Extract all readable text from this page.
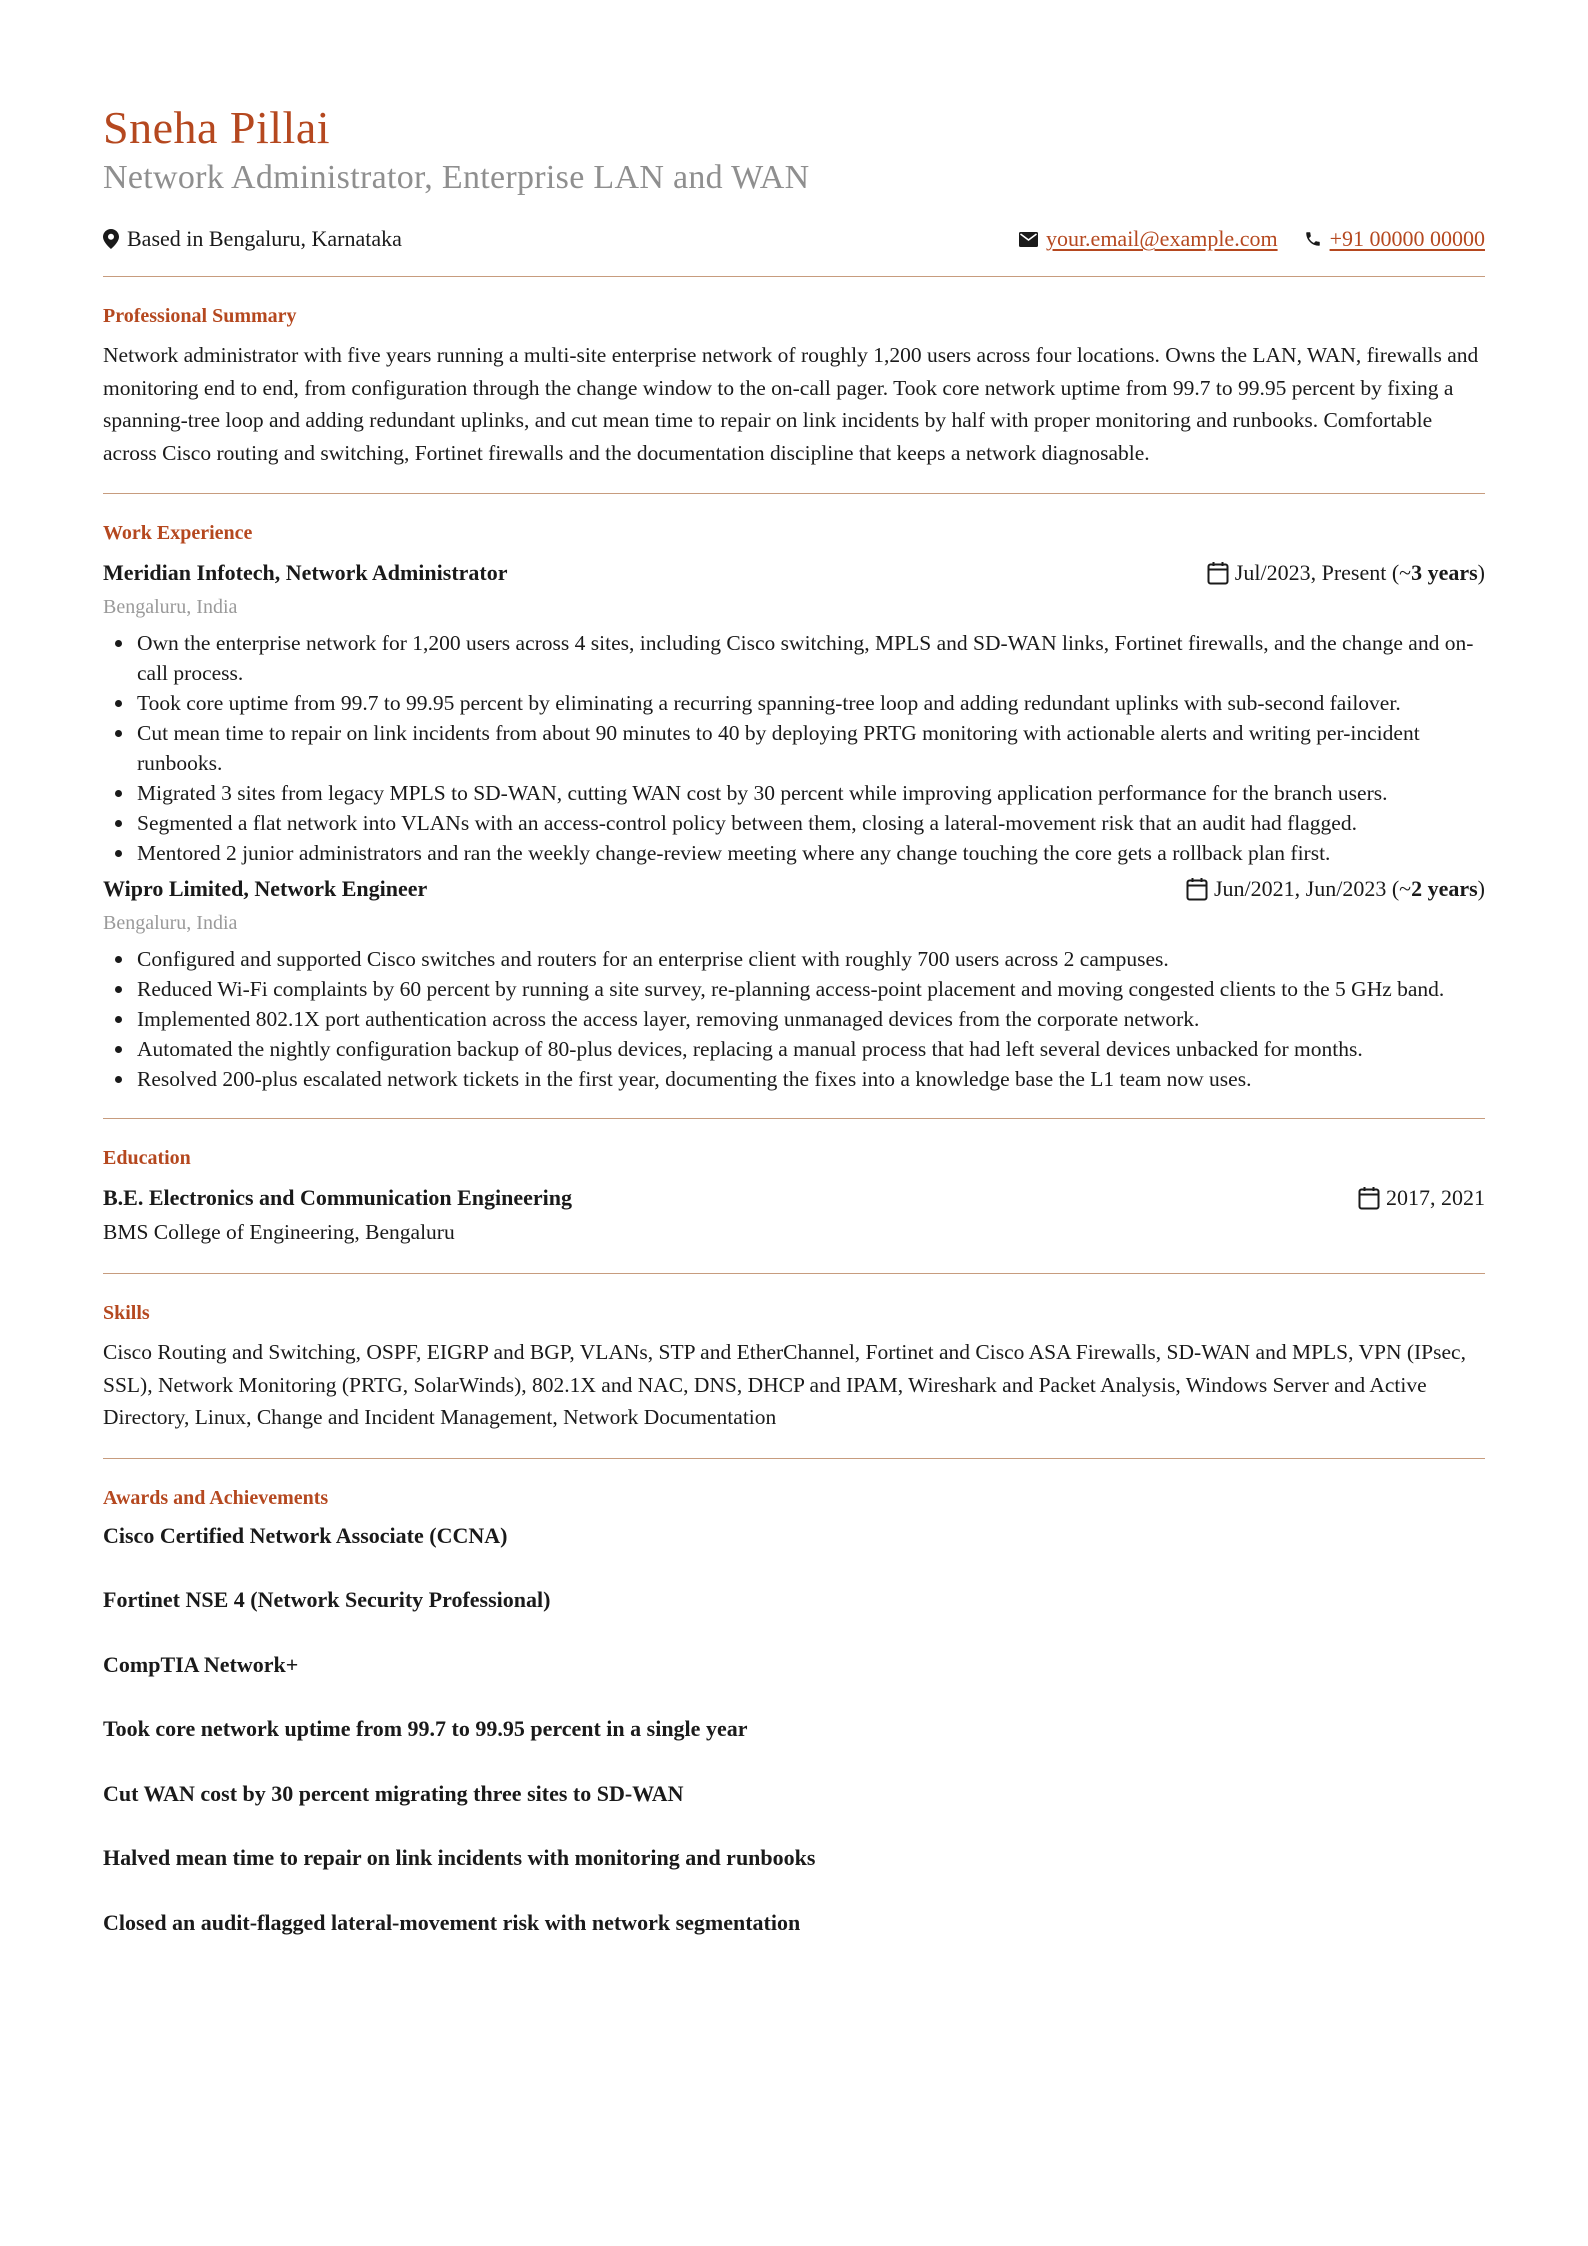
Sneha Pillai
Network Administrator, Enterprise LAN and WAN
Based in Bengaluru, Karnataka	your.email@example.com +91 00000 00000
Professional Summary
Network administrator with five years running a multi-site enterprise network of roughly 1,200 users across four locations. Owns the LAN, WAN, firewalls and monitoring end to end, from configuration through the change window to the on-call pager. Took core network uptime from 99.7 to 99.95 percent by fixing a spanning-tree loop and adding redundant uplinks, and cut mean time to repair on link incidents by half with proper monitoring and runbooks. Comfortable across Cisco routing and switching, Fortinet firewalls and the documentation discipline that keeps a network diagnosable.
Work Experience
Meridian Infotech, Network Administrator	Jul/2023, Present (~ 3 years )
Bengaluru, India
Own the enterprise network for 1,200 users across 4 sites, including Cisco switching, MPLS and SD-WAN links, Fortinet firewalls, and the change and on-call process.
Took core uptime from 99.7 to 99.95 percent by eliminating a recurring spanning-tree loop and adding redundant uplinks with sub-second failover.
Cut mean time to repair on link incidents from about 90 minutes to 40 by deploying PRTG monitoring with actionable alerts and writing per-incident runbooks.
Migrated 3 sites from legacy MPLS to SD-WAN, cutting WAN cost by 30 percent while improving application performance for the branch users.
Segmented a flat network into VLANs with an access-control policy between them, closing a lateral-movement risk that an audit had flagged.
Mentored 2 junior administrators and ran the weekly change-review meeting where any change touching the core gets a rollback plan first.
Wipro Limited, Network Engineer	Jun/2021, Jun/2023 (~ 2 years )
Bengaluru, India
Configured and supported Cisco switches and routers for an enterprise client with roughly 700 users across 2 campuses.
Reduced Wi-Fi complaints by 60 percent by running a site survey, re-planning access-point placement and moving congested clients to the 5 GHz band.
Implemented 802.1X port authentication across the access layer, removing unmanaged devices from the corporate network.
Automated the nightly configuration backup of 80-plus devices, replacing a manual process that had left several devices unbacked for months.
Resolved 200-plus escalated network tickets in the first year, documenting the fixes into a knowledge base the L1 team now uses.
Education
B.E. Electronics and Communication Engineering	2017, 2021
BMS College of Engineering, Bengaluru
Skills
Cisco Routing and Switching, OSPF, EIGRP and BGP, VLANs, STP and EtherChannel, Fortinet and Cisco ASA Firewalls, SD-WAN and MPLS, VPN (IPsec, SSL), Network Monitoring (PRTG, SolarWinds), 802.1X and NAC, DNS, DHCP and IPAM, Wireshark and Packet Analysis, Windows Server and Active Directory, Linux, Change and Incident Management, Network Documentation
Awards and Achievements
Cisco Certified Network Associate (CCNA)
Fortinet NSE 4 (Network Security Professional)
CompTIA Network+
Took core network uptime from 99.7 to 99.95 percent in a single year
Cut WAN cost by 30 percent migrating three sites to SD-WAN
Halved mean time to repair on link incidents with monitoring and runbooks
Closed an audit-flagged lateral-movement risk with network segmentation
